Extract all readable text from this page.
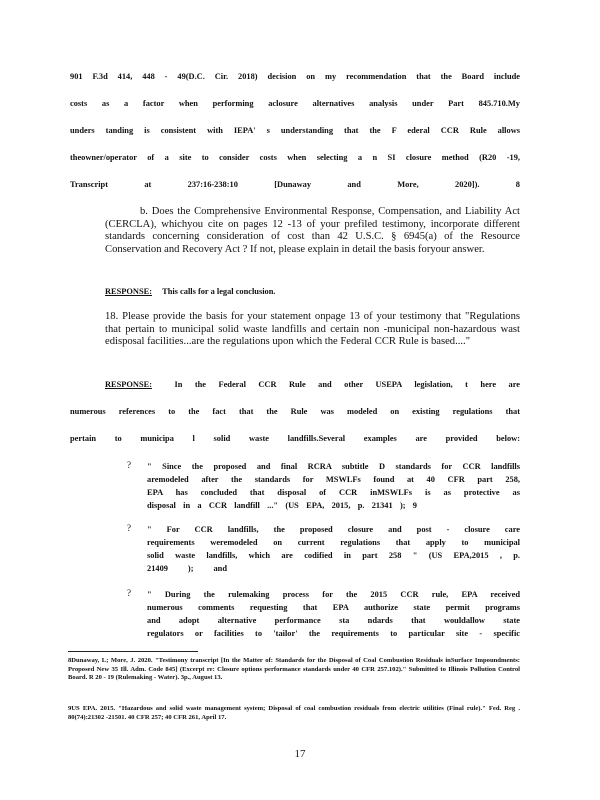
901 F.3d 414, 448 - 49(D.C. Cir. 2018) decision on my recommendation that the Board include
costs as a factor when performing aclosure alternatives analysis under Part 845.710.My
unders tanding is consistent with IEPA' s understanding that the F ederal CCR Rule allows
theowner/operator of a site to consider costs when selecting a n SI closure method (R20 -19,
Transcript at 237:16-238:10 [Dunaway and More, 2020]). 8
b. Does the Comprehensive Environmental Response, Compensation, and Liability Act (CERCLA), whichyou cite on pages 12 -13 of your prefiled testimony, incorporate different standards concerning consideration of cost than 42 U.S.C. § 6945(a) of the Resource Conservation and Recovery Act ? If not, please explain in detail the basis foryour answer.
RESPONSE: This calls for a legal conclusion.
18. Please provide the basis for your statement onpage 13 of your testimony that "Regulations that pertain to municipal solid waste landfills and certain non -municipal non-hazardous wast edisposal facilities...are the regulations upon which the Federal CCR Rule is based...."
RESPONSE:	In the Federal CCR Rule and other USEPA legislation, t here are
numerous references to the fact that the Rule was modeled on existing regulations that
pertain to municipa l solid waste landfills.Several examples are provided below:
? " Since the proposed and final RCRA subtitle D standards for CCR landfills
aremodeled after the standards for MSWLFs found at 40 CFR part 258,
EPA has concluded that disposal of CCR inMSWLFs is as protective as
disposal in a CCR landfill ..." (US EPA, 2015, p. 21341 ); 9
? " For CCR landfills, the proposed closure and post - closure care
requirements weremodeled on current regulations that apply to municipal
solid waste landfills, which are codified in part 258 " (US EPA,2015 , p.
21409 ); and
? " During the rulemaking process for the 2015 CCR rule, EPA received
numerous comments requesting that EPA authorize state permit programs
and adopt alternative performance sta ndards that wouldallow state
regulators or facilities to 'tailor' the requirements to particular site - specific
8Dunaway, L; More, J. 2020. "Testimony transcript [In the Matter of: Standards for the Disposal of Coal Combustion Residuals inSurface Impoundments: Proposed New 35 Ill. Adm. Code 845] (Excerpt re: Closure options performance standards under 40 CFR 257.102)." Submitted to Illinois Pollution Control Board. R 20 - 19 (Rulemaking - Water). 3p., August 13.
9US EPA. 2015. "Hazardous and solid waste management system; Disposal of coal combustion residuals from electric utilities (Final rule)." Fed. Reg . 80(74):21302 -21501. 40 CFR 257; 40 CFR 261, April 17.
17
